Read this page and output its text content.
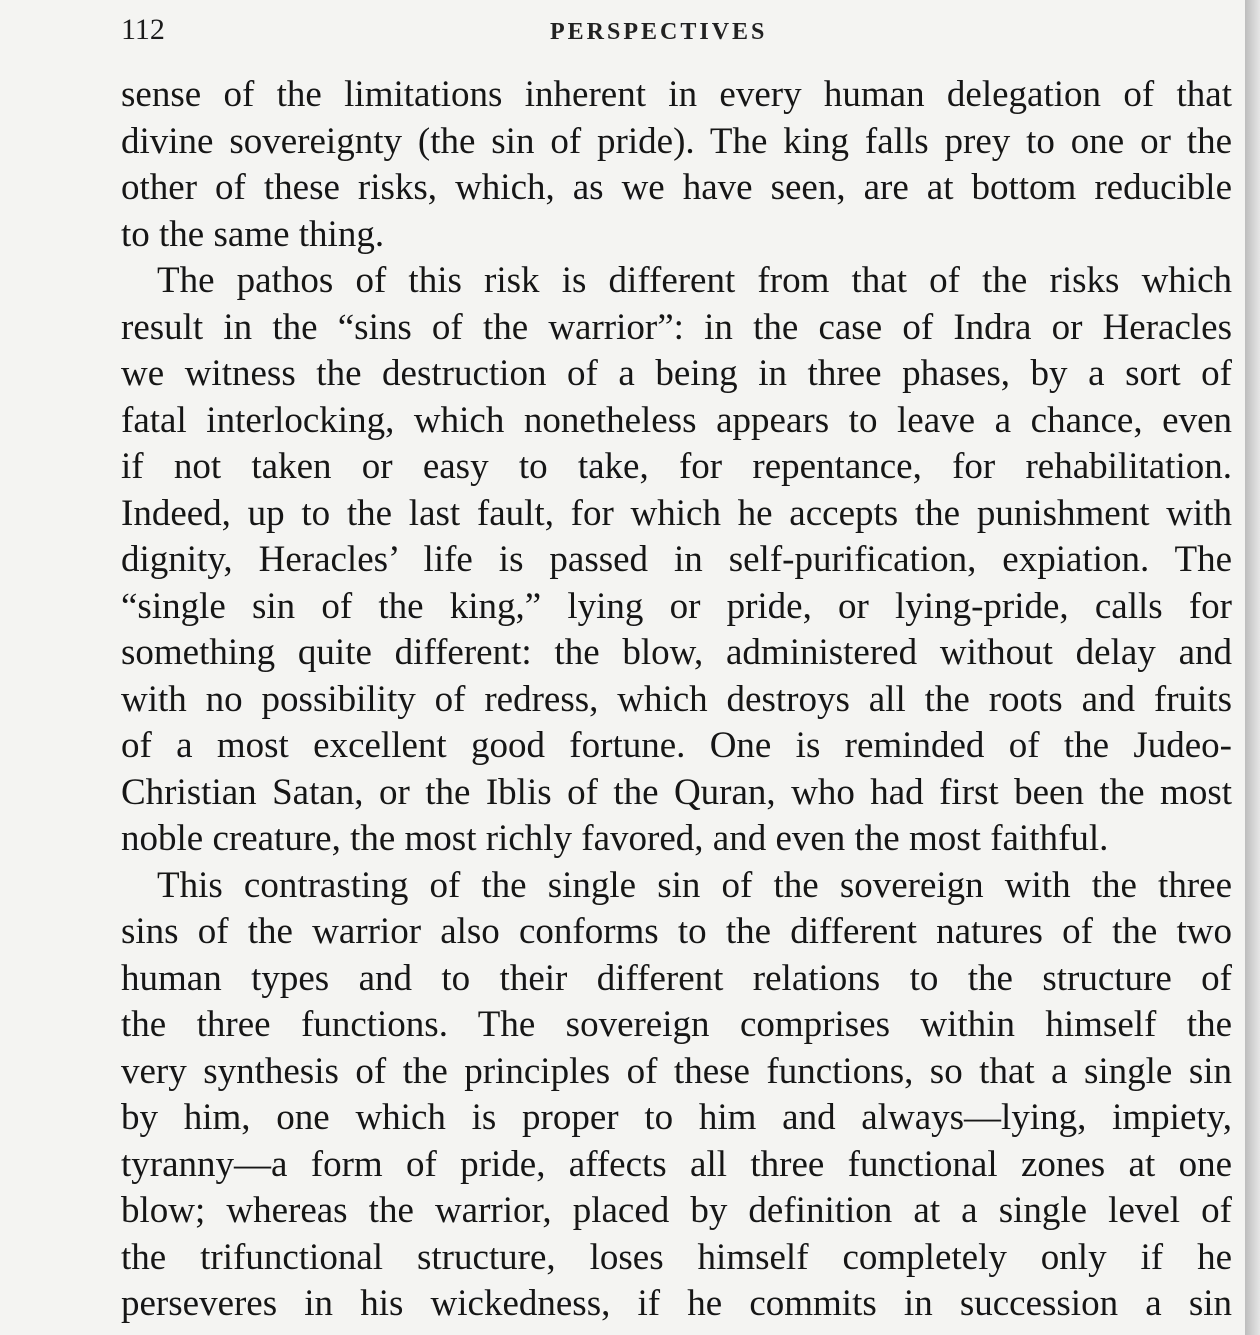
112	PERSPECTIVES
sense of the limitations inherent in every human delegation of that
divine sovereignty (the sin of pride). The king falls prey to one or the
other of these risks, which, as we have seen, are at bottom reducible
to the same thing.
The pathos of this risk is different from that of the risks which
result in the “sins of the warrior”: in the case of Indra or Heracles
we witness the destruction of a being in three phases, by a sort of
fatal interlocking, which nonetheless appears to leave a chance, even
if not taken or easy to take, for repentance, for rehabilitation.
Indeed, up to the last fault, for which he accepts the punishment with
dignity, Heracles’ life is passed in self-purification, expiation. The
“single sin of the king,” lying or pride, or lying-pride, calls for
something quite different: the blow, administered without delay and
with no possibility of redress, which destroys all the roots and fruits
of a most excellent good fortune. One is reminded of the Judeo-
Christian Satan, or the Iblis of the Quran, who had first been the most
noble creature, the most richly favored, and even the most faithful.
This contrasting of the single sin of the sovereign with the three
sins of the warrior also conforms to the different natures of the two
human types and to their different relations to the structure of
the three functions. The sovereign comprises within himself the
very synthesis of the principles of these functions, so that a single sin
by him, one which is proper to him and always—lying, impiety,
tyranny—a form of pride, affects all three functional zones at one
blow; whereas the warrior, placed by definition at a single level of
the trifunctional structure, loses himself completely only if he
perseveres in his wickedness, if he commits in succession a sin
